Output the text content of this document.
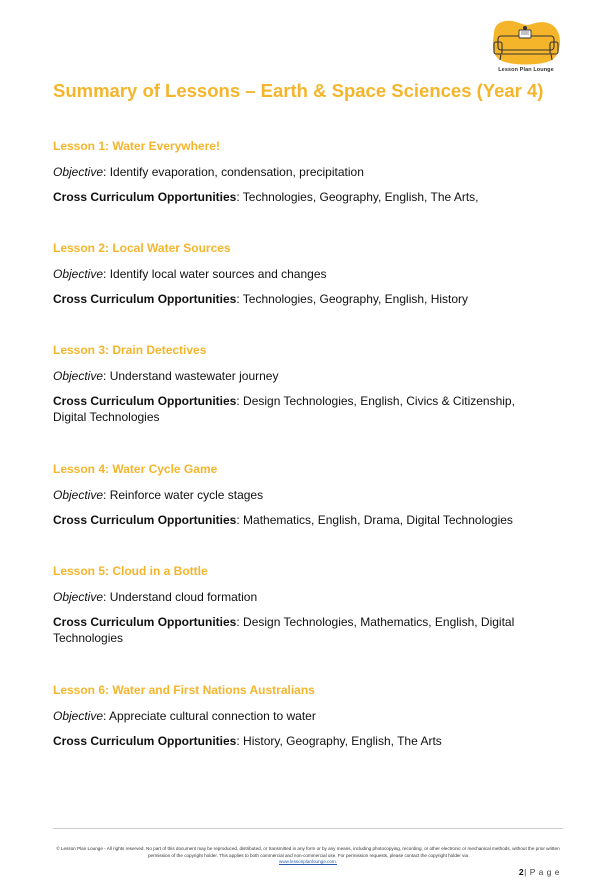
Lesson Plan Lounge
Summary of Lessons – Earth & Space Sciences (Year 4)

Lesson 1: Water Everywhere!

Objective: Identify evaporation, condensation, precipitation

Cross Curriculum Opportunities: Technologies, Geography, English, The Arts,

Lesson 2: Local Water Sources

Objective: Identify local water sources and changes

Cross Curriculum Opportunities: Technologies, Geography, English, History

Lesson 3: Drain Detectives

Objective: Understand wastewater journey

Cross Curriculum Opportunities: Design Technologies, English, Civics & Citizenship, Digital Technologies

Lesson 4: Water Cycle Game

Objective: Reinforce water cycle stages

Cross Curriculum Opportunities: Mathematics, English, Drama, Digital Technologies

Lesson 5: Cloud in a Bottle

Objective: Understand cloud formation

Cross Curriculum Opportunities: Design Technologies, Mathematics, English, Digital Technologies

Lesson 6: Water and First Nations Australians

Objective: Appreciate cultural connection to water

Cross Curriculum Opportunities: History, Geography, English, The Arts

© Lesson Plan Lounge - All rights reserved. No part of this document may be reproduced, distributed, or transmitted in any form or by any means, including photocopying, recording, or other electronic or mechanical methods, without the prior written permission of the copyright holder. This applies to both commercial and non-commercial use. For permission requests, please contact the copyright holder via
www.lessonplanlounge.com.
2| P a g e
